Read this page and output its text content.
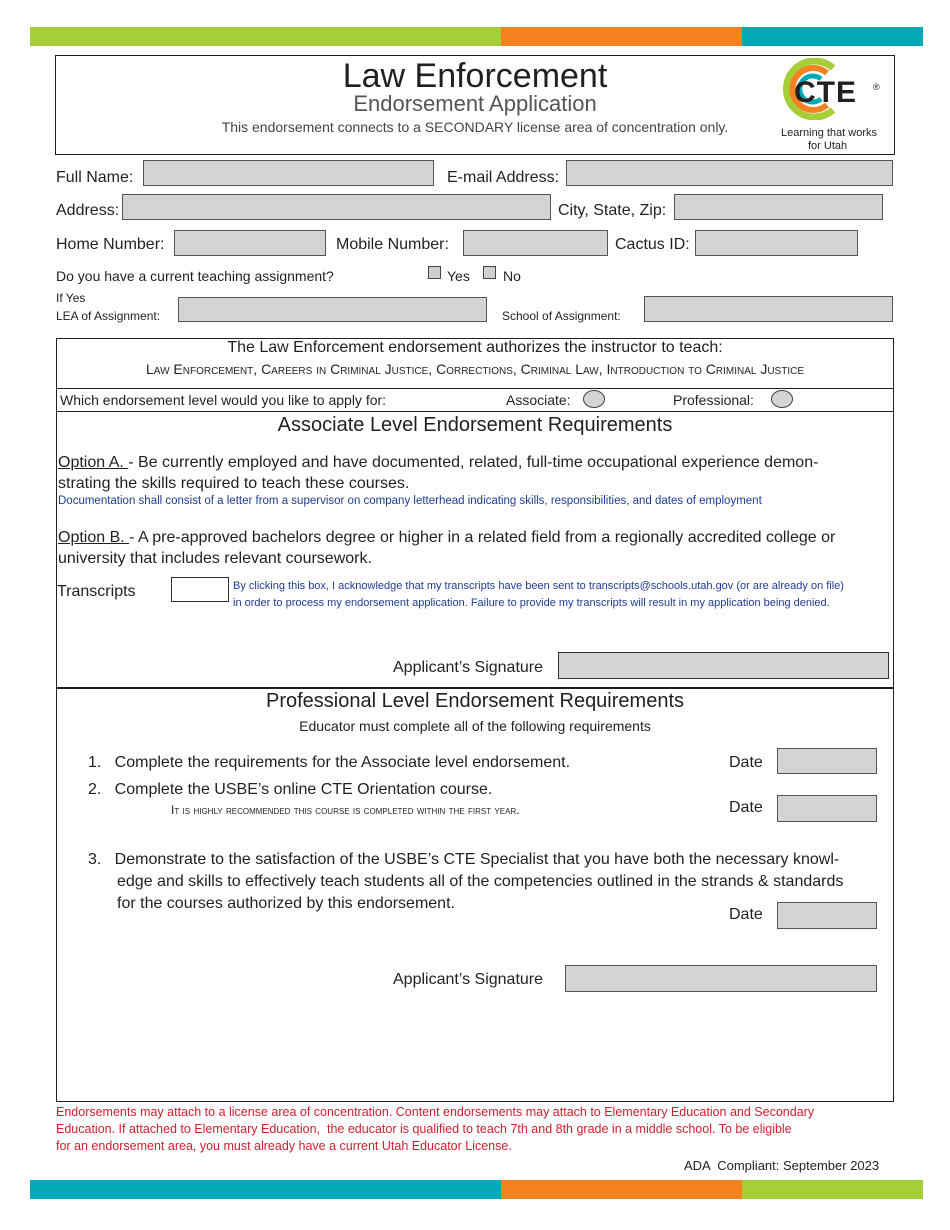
Law Enforcement
Endorsement Application
This endorsement connects to a SECONDARY license area of concentration only.
CTE ®
Learning that works
for Utah
Full Name:	E-mail Address:
Address:	City, State, Zip:
Home Number:	Mobile Number:	Cactus ID:
Do you have a current teaching assignment?	Yes No
If Yes
LEA of Assignment:	School of Assignment:
The Law Enforcement endorsement authorizes the instructor to teach:
Law Enforcement, Careers in Criminal Justice, Corrections, Criminal Law, Introduction to Criminal Justice
Which endorsement level would you like to apply for:	Associate:	Professional:
Associate Level Endorsement Requirements
Option A. - Be currently employed and have documented, related, full-time occupational experience demon-
strating the skills required to teach these courses.
Documentation shall consist of a letter from a supervisor on company letterhead indicating skills, responsibilities, and dates of employment
Option B. - A pre-approved bachelors degree or higher in a related field from a regionally accredited college or
university that includes relevant coursework.
Transcripts	By clicking this box, I acknowledge that my transcripts have been sent to transcripts@schools.utah.gov (or are already on file)
in order to process my endorsement application. Failure to provide my transcripts will result in my application being denied.
Applicant’s Signature
Professional Level Endorsement Requirements
Educator must complete all of the following requirements
1.   Complete the requirements for the Associate level endorsement.	Date
2.   Complete the USBE’s online CTE Orientation course.
It is highly recommended this course is completed within the first year.	Date
3.   Demonstrate to the satisfaction of the USBE’s CTE Specialist that you have both the necessary knowl-
edge and skills to effectively teach students all of the competencies outlined in the strands & standards
for the courses authorized by this endorsement.
Date
Applicant’s Signature
Endorsements may attach to a license area of concentration. Content endorsements may attach to Elementary Education and Secondary
Education. If attached to Elementary Education,  the educator is qualified to teach 7th and 8th grade in a middle school. To be eligible
for an endorsement area, you must already have a current Utah Educator License.
ADA  Compliant: September 2023
